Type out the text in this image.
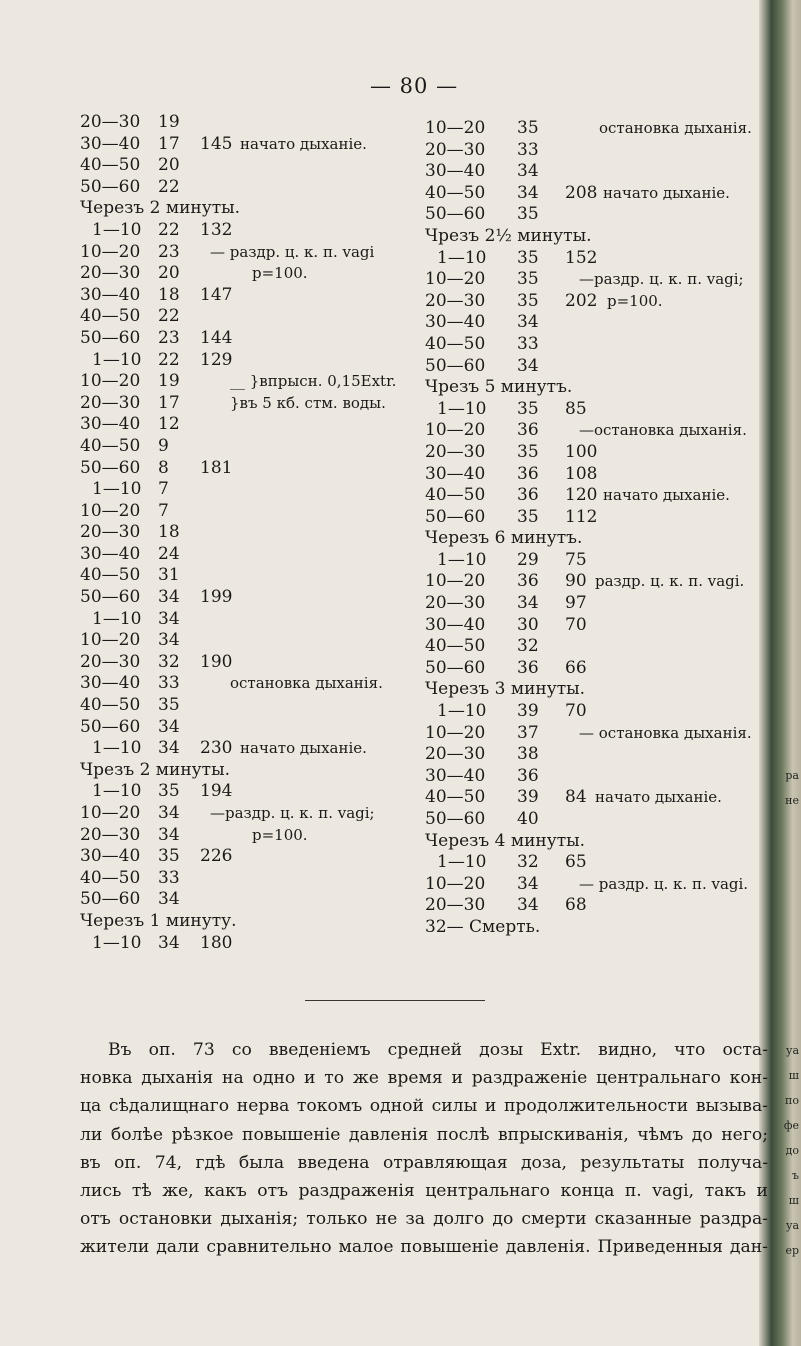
ра
не
уа
ш
по
фе
до
ъ
ш
уа
ер
— 80 —
20—30 19
30—40 17 145 начато дыханіе.
40—50 20
50—60 22
Черезъ 2 минуты.
1—10 22 132
10—20 23 — раздр. ц. к. п. vagi
20—30 20	p=100.
30—40 18 147
40—50 22
50—60 23 144
1—10 22 129
10—20 19	__ }впрысн. 0,15Extr.
20—30 17	}въ 5 кб. стм. воды.
30—40 12
40—50 9
50—60 8 181
1—10 7
10—20 7
20—30 18
30—40 24
40—50 31
50—60 34 199
1—10 34
10—20 34
20—30 32 190
30—40 33	остановка дыханія.
40—50 35
50—60 34
1—10 34 230 начато дыханіе.
Чрезъ 2 минуты.
1—10 35 194
10—20 34 —раздр. ц. к. п. vagi;
20—30 34	p=100.
30—40 35 226
40—50 33
50—60 34
Черезъ 1 минуту.
1—10 34 180
10—20 35	остановка дыханія.
20—30 33
30—40 34
40—50 34 208 начато дыханіе.
50—60 35
Чрезъ 2½ минуты.
1—10 35 152
10—20 35	—раздр. ц. к. п. vagi;
20—30 35 202 p=100.
30—40 34
40—50 33
50—60 34
Чрезъ 5 минутъ.
1—10 35 85
10—20 36	—остановка дыханія.
20—30 35 100
30—40 36 108
40—50 36 120 начато дыханіе.
50—60 35 112
Черезъ 6 минутъ.
1—10 29 75
10—20 36 90 раздр. ц. к. п. vagi.
20—30 34 97
30—40 30 70
40—50 32
50—60 36 66
Черезъ 3 минуты.
1—10 39 70
10—20 37	— остановка дыханія.
20—30 38
30—40 36
40—50 39 84 начато дыханіе.
50—60 40
Черезъ 4 минуты.
1—10 32 65
10—20 34	— раздр. ц. к. п. vagi.
20—30 34 68
32— Смерть.
Въ оп. 73 со введеніемъ средней дозы Extr. видно, что оста-
новка дыханія на одно и то же время и раздраженіе центральнаго кон-
ца сѣдалищнаго нерва токомъ одной силы и продолжительности вызыва-
ли болѣе рѣзкое повышеніе давленія послѣ впрыскиванія, чѣмъ до него;
въ оп. 74, гдѣ была введена отравляющая доза, результаты получа-
лись тѣ же, какъ отъ раздраженія центральнаго конца п. vagi, такъ и
отъ остановки дыханія; только не за долго до смерти сказанные раздра-
жители дали сравнительно малое повышеніе давленія. Приведенныя дан-
